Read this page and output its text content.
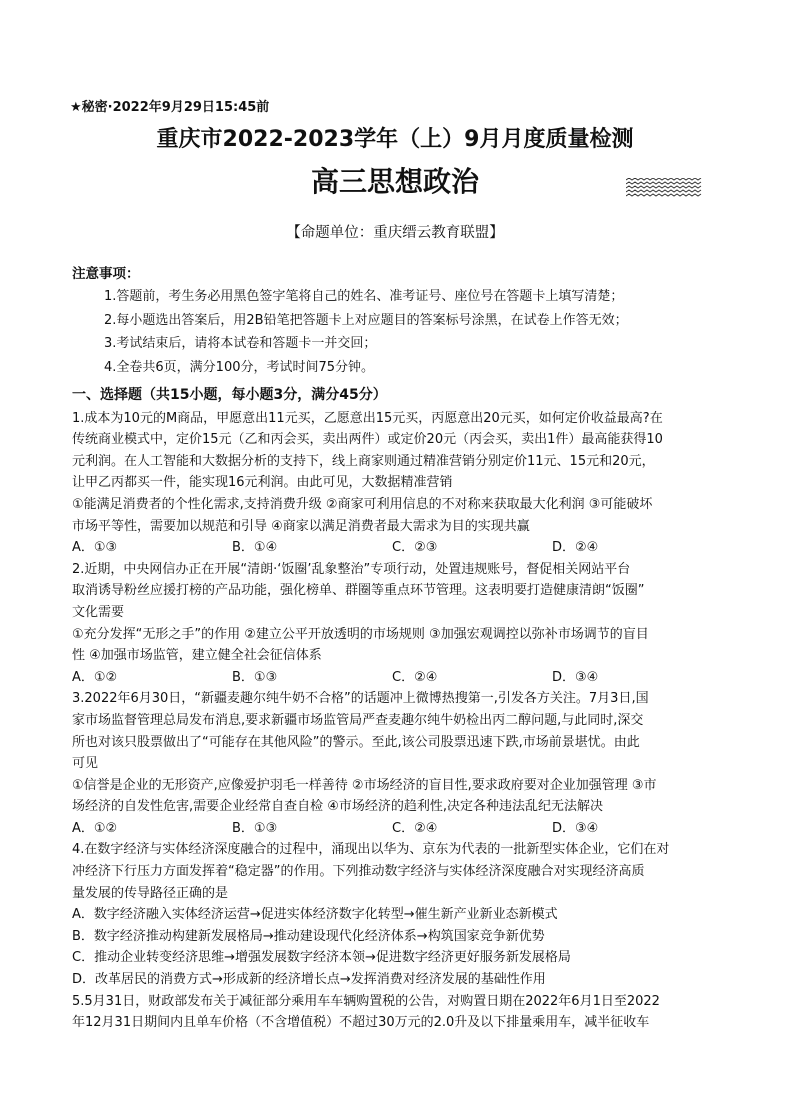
★秘密·2022年9月29日15:45前
重庆市2022-2023学年（上）9月月度质量检测
高三思想政治
【命题单位：重庆缙云教育联盟】
注意事项：
1.答题前，考生务必用黑色签字笔将自己的姓名、准考证号、座位号在答题卡上填写清楚；
2.每小题选出答案后，用2B铅笔把答题卡上对应题目的答案标号涂黑，在试卷上作答无效；
3.考试结束后，请将本试卷和答题卡一并交回；
4.全卷共6页，满分100分，考试时间75分钟。
一、选择题（共15小题，每小题3分，满分45分）
1.成本为10元的M商品，甲愿意出11元买，乙愿意出15元买，丙愿意出20元买，如何定价收益最高?在
传统商业模式中，定价15元（乙和丙会买，卖出两件）或定价20元（丙会买，卖出1件）最高能获得10
元利润。在人工智能和大数据分析的支持下，线上商家则通过精准营销分别定价11元、15元和20元，
让甲乙丙都买一件，能实现16元利润。由此可见，大数据精准营销
①能满足消费者的个性化需求,支持消费升级 ②商家可利用信息的不对称来获取最大化利润 ③可能破坏
市场平等性，需要加以规范和引导 ④商家以满足消费者最大需求为目的实现共赢
A．①③	B．①④	C．②③	D．②④
2.近期，中央网信办正在开展“清朗·‘饭圈’乱象整治”专项行动，处置违规账号，督促相关网站平台
取消诱导粉丝应援打榜的产品功能，强化榜单、群圈等重点环节管理。这表明要打造健康清朗“饭圈”
文化需要
①充分发挥“无形之手”的作用 ②建立公平开放透明的市场规则 ③加强宏观调控以弥补市场调节的盲目
性 ④加强市场监管，建立健全社会征信体系
A．①②	B．①③	C．②④	D．③④
3.2022年6月30日，“新疆麦趣尔纯牛奶不合格”的话题冲上微博热搜第一,引发各方关注。7月3日,国
家市场监督管理总局发布消息,要求新疆市场监管局严查麦趣尔纯牛奶检出丙二醇问题,与此同时,深交
所也对该只股票做出了“可能存在其他风险”的警示。至此,该公司股票迅速下跌,市场前景堪忧。由此
可见
①信誉是企业的无形资产,应像爱护羽毛一样善待 ②市场经济的盲目性,要求政府要对企业加强管理 ③市
场经济的自发性危害,需要企业经常自查自检 ④市场经济的趋利性,决定各种违法乱纪无法解决
A．①②	B．①③	C．②④	D．③④
4.在数字经济与实体经济深度融合的过程中，涌现出以华为、京东为代表的一批新型实体企业，它们在对
冲经济下行压力方面发挥着“稳定器”的作用。下列推动数字经济与实体经济深度融合对实现经济高质
量发展的传导路径正确的是
A．数字经济融入实体经济运营→促进实体经济数字化转型→催生新产业新业态新模式
B．数字经济推动构建新发展格局→推动建设现代化经济体系→构筑国家竞争新优势
C．推动企业转变经济思维→增强发展数字经济本领→促进数字经济更好服务新发展格局
D．改革居民的消费方式→形成新的经济增长点→发挥消费对经济发展的基础性作用
5.5月31日，财政部发布关于减征部分乘用车车辆购置税的公告，对购置日期在2022年6月1日至2022
年12月31日期间内且单车价格（不含增值税）不超过30万元的2.0升及以下排量乘用车，减半征收车
